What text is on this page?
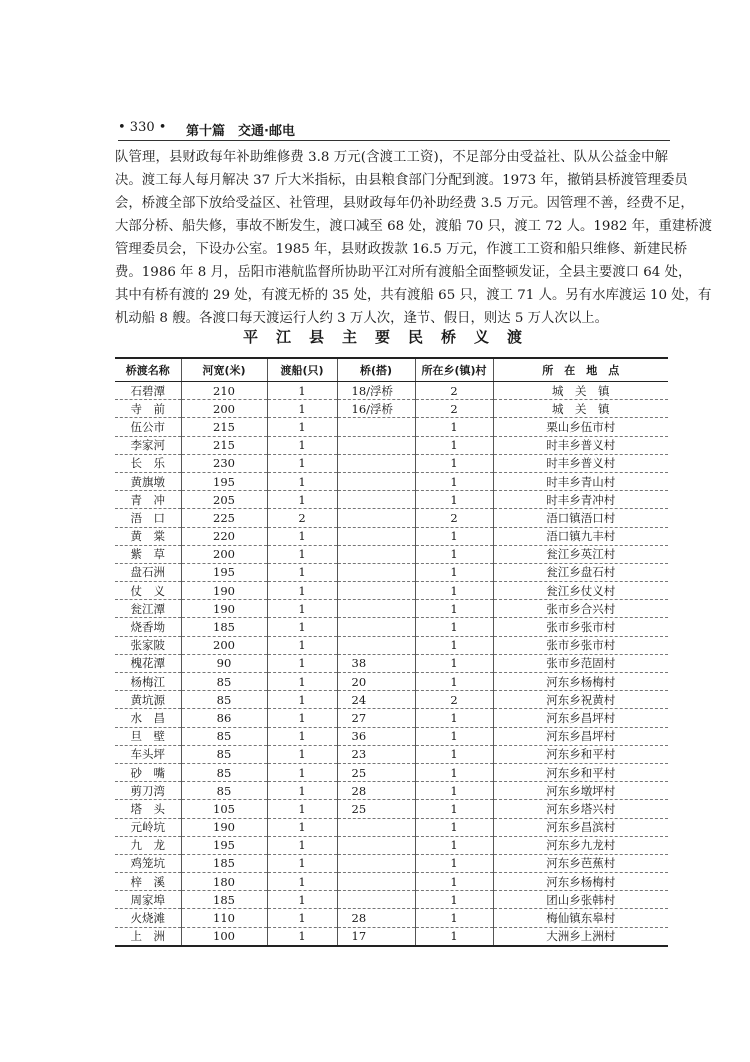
• 330 • 第十篇　交通·邮电
队管理，县财政每年补助维修费 3.8 万元(含渡工工资)，不足部分由受益社、队从公益金中解
决。渡工每人每月解决 37 斤大米指标，由县粮食部门分配到渡。1973 年，撤销县桥渡管理委员
会，桥渡全部下放给受益区、社管理，县财政每年仍补助经费 3.5 万元。因管理不善，经费不足，
大部分桥、船失修，事故不断发生，渡口减至 68 处，渡船 70 只，渡工 72 人。1982 年，重建桥渡
管理委员会，下设办公室。1985 年，县财政拨款 16.5 万元，作渡工工资和船只维修、新建民桥
费。1986 年 8 月，岳阳市港航监督所协助平江对所有渡船全面整顿发证，全县主要渡口 64 处，
其中有桥有渡的 29 处，有渡无桥的 35 处，共有渡船 65 只，渡工 71 人。另有水库渡运 10 处，有
机动船 8 艘。各渡口每天渡运行人约 3 万人次，逢节、假日，则达 5 万人次以上。
平江县主要民桥义渡
桥渡名称	河宽(米)	渡船(只)	桥(搭)	所在乡(镇)村	所　在　地　点
石碧潭	210	1	18/浮桥	2	城　关　镇
寺　前	200	1	16/浮桥	2	城　关　镇
伍公市	215	1		1	栗山乡伍市村
李家河	215	1		1	时丰乡普义村
长　乐	230	1		1	时丰乡普义村
黄旗墩	195	1		1	时丰乡青山村
青　冲	205	1		1	时丰乡青冲村
浯　口	225	2		2	浯口镇浯口村
黄　棠	220	1		1	浯口镇九丰村
紫　草	200	1		1	瓮江乡英江村
盘石洲	195	1		1	瓮江乡盘石村
仗　义	190	1		1	瓮江乡仗义村
瓮江潭	190	1		1	张市乡合兴村
烧香坳	185	1		1	张市乡张市村
张家陂	200	1		1	张市乡张市村
槐花潭	90	1	38	1	张市乡范固村
杨梅江	85	1	20	1	河东乡杨梅村
黄坑源	85	1	24	2	河东乡祝黄村
水　昌	86	1	27	1	河东乡昌坪村
旦　壁	85	1	36	1	河东乡昌坪村
车头坪	85	1	23	1	河东乡和平村
砂　嘴	85	1	25	1	河东乡和平村
剪刀湾	85	1	28	1	河东乡墩坪村
塔　头	105	1	25	1	河东乡塔兴村
元岭坑	190	1		1	河东乡昌滨村
九　龙	195	1		1	河东乡九龙村
鸡笼坑	185	1		1	河东乡芭蕉村
梓　溪	180	1		1	河东乡杨梅村
周家埠	185	1		1	团山乡张韩村
火烧滩	110	1	28	1	梅仙镇东皋村
上　洲	100	1	17	1	大洲乡上洲村
